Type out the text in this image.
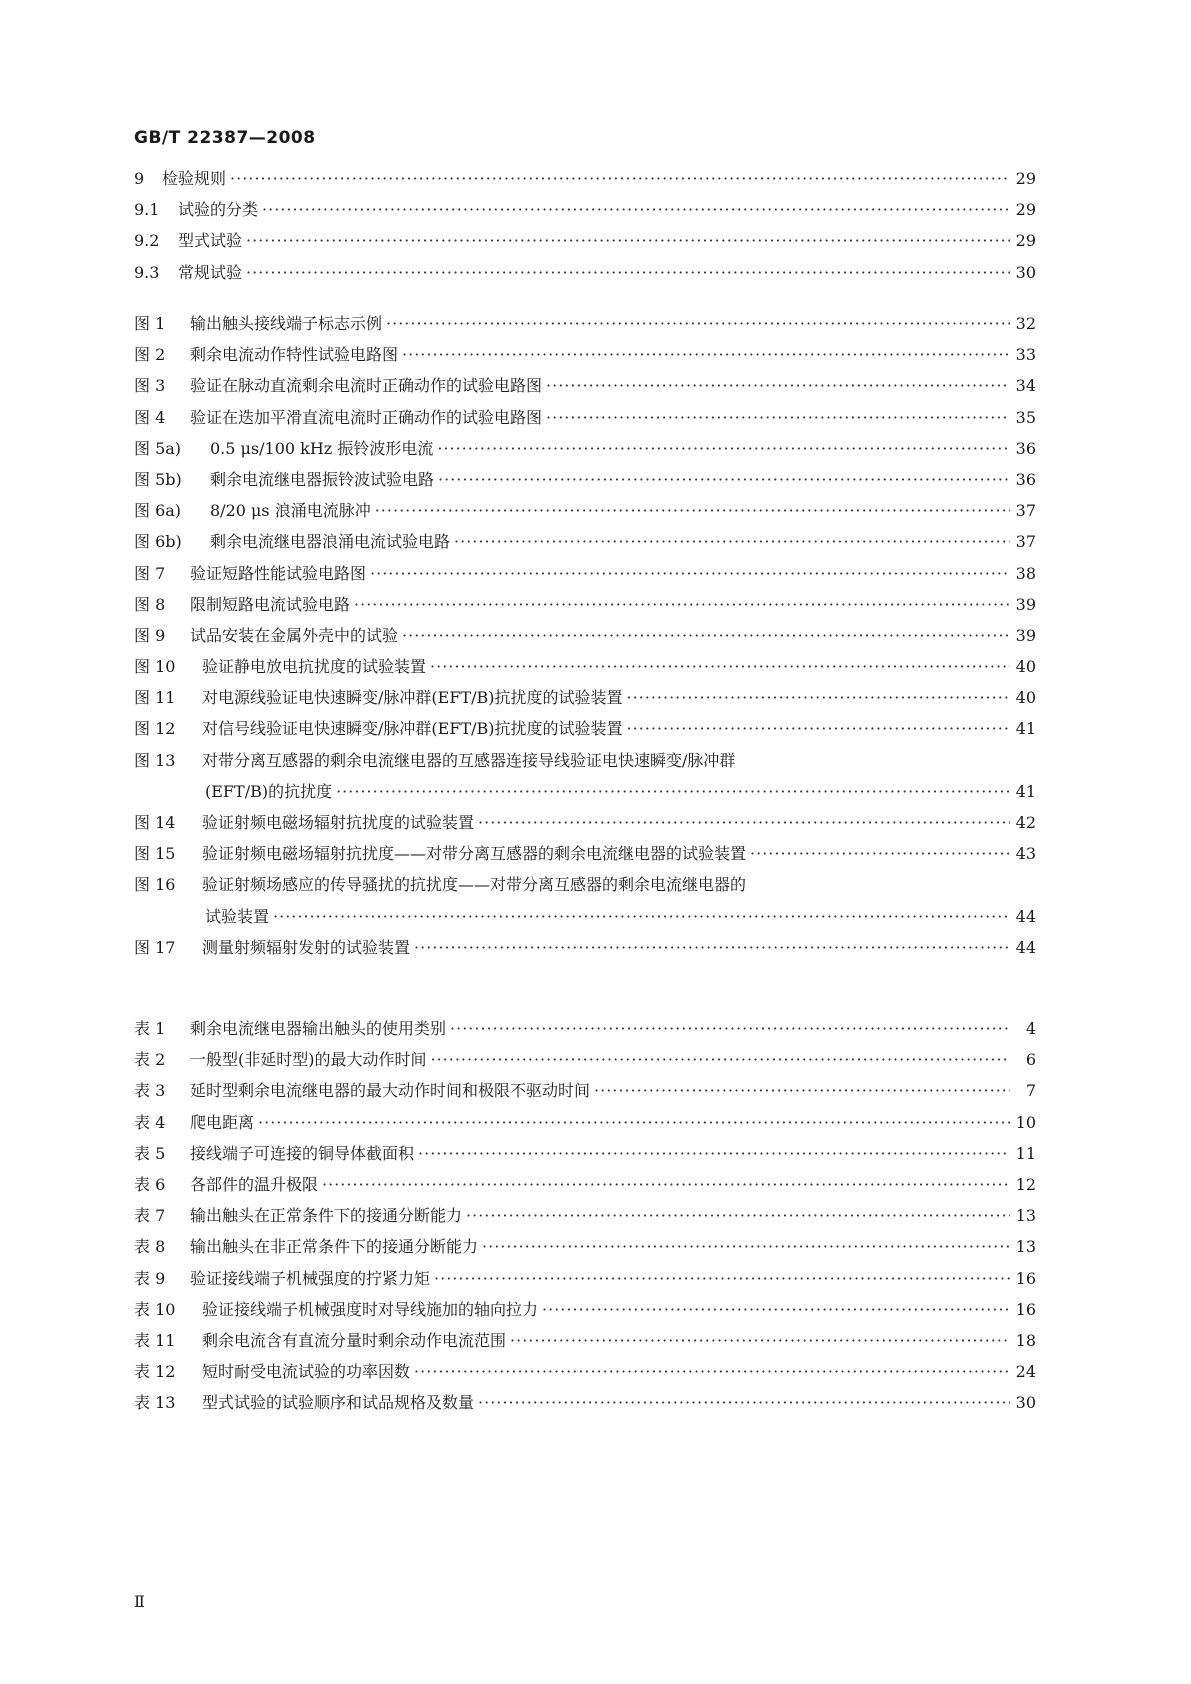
GB/T 22387—2008
9	检验规则 ·····	29
9.1	试验的分类 ·····	29
9.2	型式试验 ·····	29
9.3	常规试验 ·····	30
图 1	输出触头接线端子标志示例 ·····	32
图 2	剩余电流动作特性试验电路图 ·····	33
图 3	验证在脉动直流剩余电流时正确动作的试验电路图 ·····	34
图 4	验证在迭加平滑直流电流时正确动作的试验电路图 ·····	35
图 5a)	0.5 μs/100 kHz 振铃波形电流 ·····	36
图 5b)	剩余电流继电器振铃波试验电路 ·····	36
图 6a)	8/20 μs 浪涌电流脉冲 ·····	37
图 6b)	剩余电流继电器浪涌电流试验电路 ·····	37
图 7	验证短路性能试验电路图 ·····	38
图 8	限制短路电流试验电路 ·····	39
图 9	试品安装在金属外壳中的试验 ·····	39
图 10	验证静电放电抗扰度的试验装置 ·····	40
图 11	对电源线验证电快速瞬变/脉冲群(EFT/B)抗扰度的试验装置 ·····	40
图 12	对信号线验证电快速瞬变/脉冲群(EFT/B)抗扰度的试验装置 ·····	41
图 13	对带分离互感器的剩余电流继电器的互感器连接导线验证电快速瞬变/脉冲群
(EFT/B)的抗扰度 ·····	41
图 14	验证射频电磁场辐射抗扰度的试验装置 ·····	42
图 15	验证射频电磁场辐射抗扰度——对带分离互感器的剩余电流继电器的试验装置 ·····	43
图 16	验证射频场感应的传导骚扰的抗扰度——对带分离互感器的剩余电流继电器的
试验装置 ·····	44
图 17	测量射频辐射发射的试验装置 ·····	44
表 1	剩余电流继电器输出触头的使用类别 ·····	4
表 2	一般型(非延时型)的最大动作时间 ·····	6
表 3	延时型剩余电流继电器的最大动作时间和极限不驱动时间 ·····	7
表 4	爬电距离 ·····	10
表 5	接线端子可连接的铜导体截面积 ·····	11
表 6	各部件的温升极限 ·····	12
表 7	输出触头在正常条件下的接通分断能力 ·····	13
表 8	输出触头在非正常条件下的接通分断能力 ·····	13
表 9	验证接线端子机械强度的拧紧力矩 ·····	16
表 10	验证接线端子机械强度时对导线施加的轴向拉力 ·····	16
表 11	剩余电流含有直流分量时剩余动作电流范围 ·····	18
表 12	短时耐受电流试验的功率因数 ·····	24
表 13	型式试验的试验顺序和试品规格及数量 ·····	30
Ⅱ
